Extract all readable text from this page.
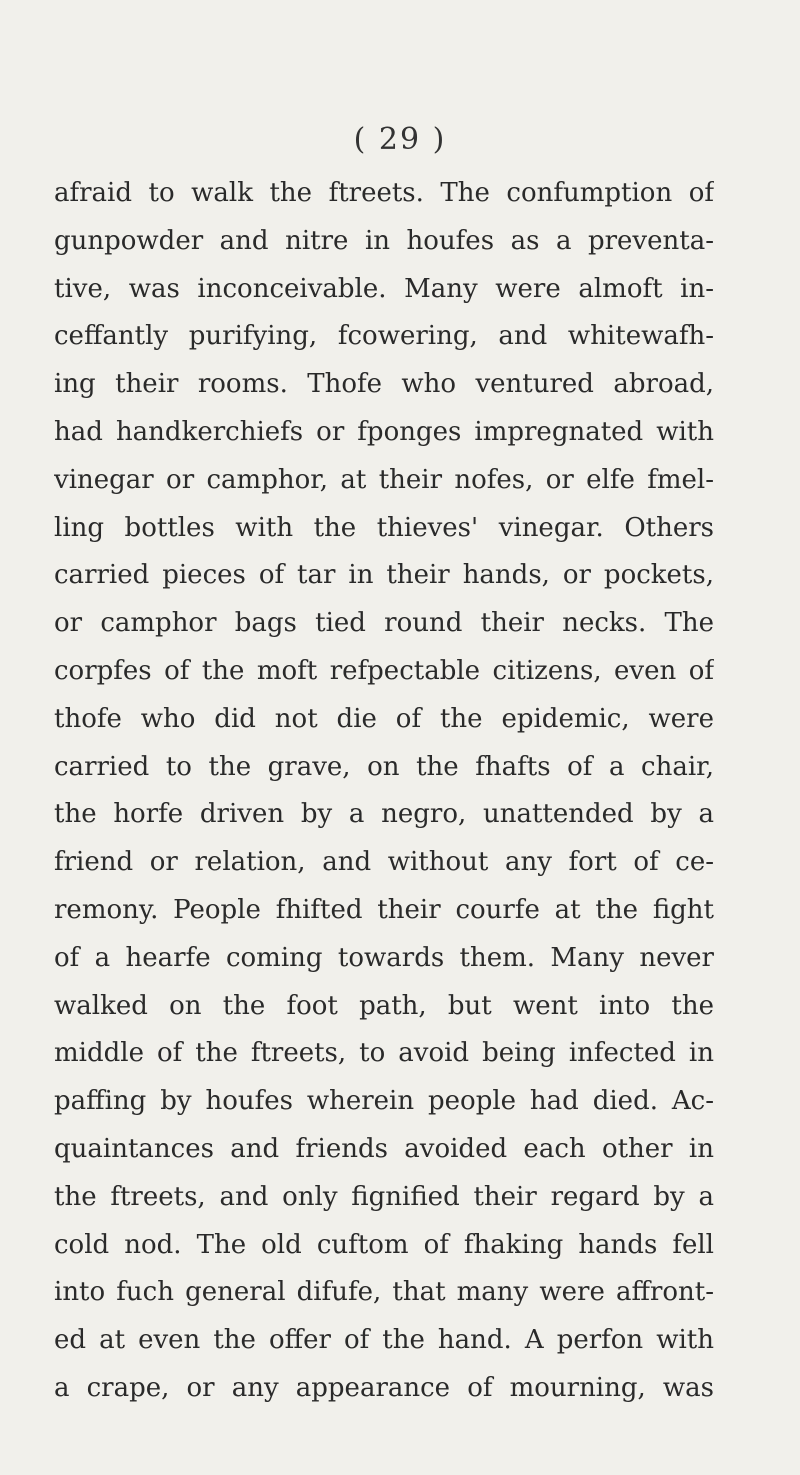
( 29 )
afraid to walk the ftreets. The confumption of
gunpowder and nitre in houfes as a preventa-
tive, was inconceivable. Many were almoft in-
ceffantly purifying, fcowering, and whitewafh-
ing their rooms. Thofe who ventured abroad,
had handkerchiefs or fponges impregnated with
vinegar or camphor, at their nofes, or elfe fmel-
ling bottles with the thieves' vinegar. Others
carried pieces of tar in their hands, or pockets,
or camphor bags tied round their necks. The
corpfes of the moft refpectable citizens, even of
thofe who did not die of the epidemic, were
carried to the grave, on the fhafts of a chair,
the horfe driven by a negro, unattended by a
friend or relation, and without any fort of ce-
remony. People fhifted their courfe at the fight
of a hearfe coming towards them. Many never
walked on the foot path, but went into the
middle of the ftreets, to avoid being infected in
paffing by houfes wherein people had died. Ac-
quaintances and friends avoided each other in
the ftreets, and only fignified their regard by a
cold nod. The old cuftom of fhaking hands fell
into fuch general difufe, that many were affront-
ed at even the offer of the hand. A perfon with
a crape, or any appearance of mourning, was
